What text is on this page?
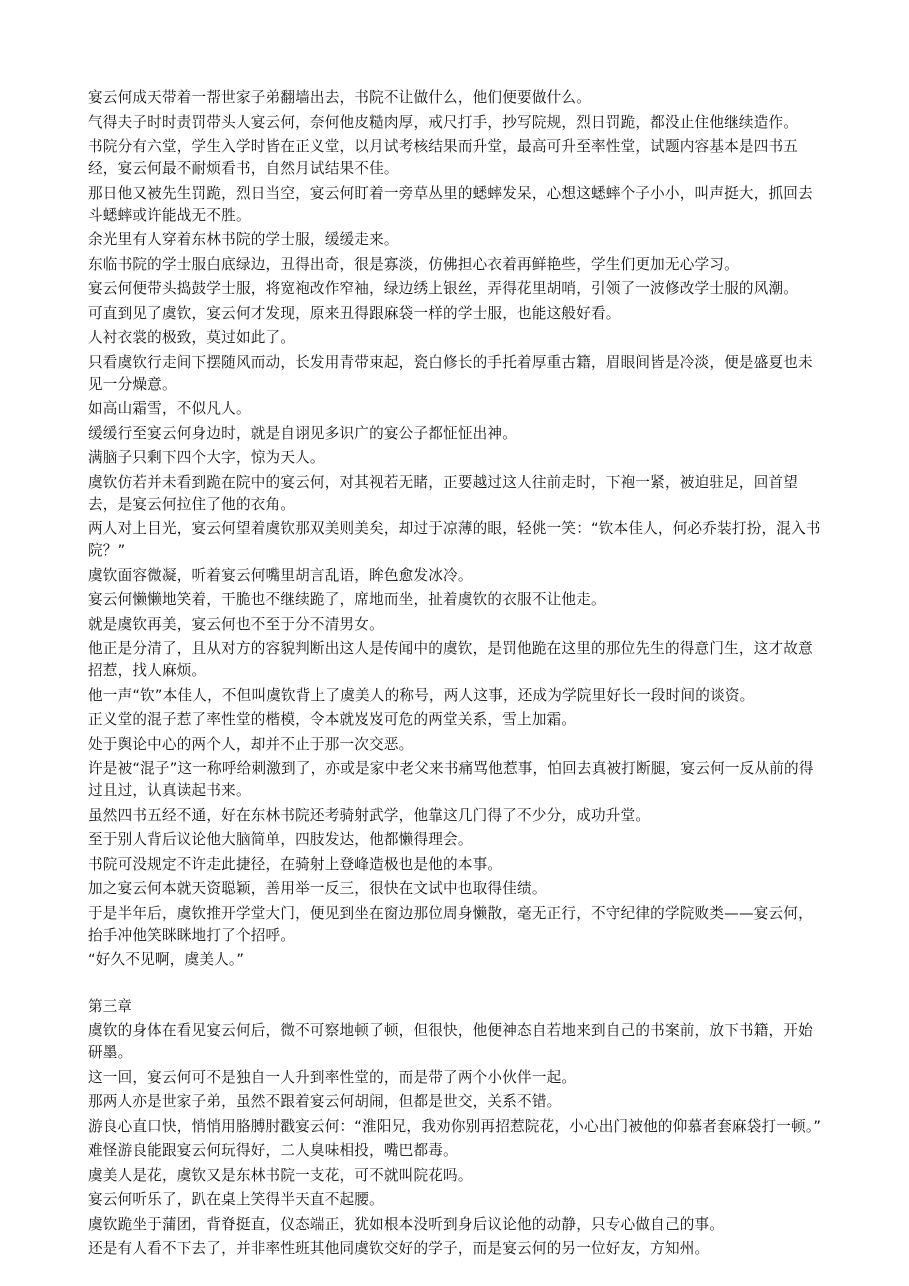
宴云何成天带着一帮世家子弟翻墙出去，书院不让做什么，他们便要做什么。

气得夫子时时责罚带头人宴云何，奈何他皮糙肉厚，戒尺打手，抄写院规，烈日罚跪，都没止住他继续造作。

书院分有六堂，学生入学时皆在正义堂，以月试考核结果而升堂，最高可升至率性堂，试题内容基本是四书五经，宴云何最不耐烦看书，自然月试结果不佳。

那日他又被先生罚跪，烈日当空，宴云何盯着一旁草丛里的蟋蟀发呆，心想这蟋蟀个子小小，叫声挺大，抓回去斗蟋蟀或许能战无不胜。

余光里有人穿着东林书院的学士服，缓缓走来。

东临书院的学士服白底绿边，丑得出奇，很是寡淡，仿佛担心衣着再鲜艳些，学生们更加无心学习。

宴云何便带头捣鼓学士服，将宽袍改作窄袖，绿边绣上银丝，弄得花里胡哨，引领了一波修改学士服的风潮。

可直到见了虞钦，宴云何才发现，原来丑得跟麻袋一样的学士服，也能这般好看。

人衬衣裳的极致，莫过如此了。

只看虞钦行走间下摆随风而动，长发用青带束起，瓷白修长的手托着厚重古籍，眉眼间皆是冷淡，便是盛夏也未见一分燥意。

如高山霜雪，不似凡人。

缓缓行至宴云何身边时，就是自诩见多识广的宴公子都怔怔出神。

满脑子只剩下四个大字，惊为天人。

虞钦仿若并未看到跪在院中的宴云何，对其视若无睹，正要越过这人往前走时，下袍一紧，被迫驻足，回首望去，是宴云何拉住了他的衣角。

两人对上目光，宴云何望着虞钦那双美则美矣，却过于凉薄的眼，轻佻一笑：“钦本佳人，何必乔装打扮，混入书院？”

虞钦面容微凝，听着宴云何嘴里胡言乱语，眸色愈发冰冷。

宴云何懒懒地笑着，干脆也不继续跪了，席地而坐，扯着虞钦的衣服不让他走。

就是虞钦再美，宴云何也不至于分不清男女。

他正是分清了，且从对方的容貌判断出这人是传闻中的虞钦，是罚他跪在这里的那位先生的得意门生，这才故意招惹，找人麻烦。

他一声“钦”本佳人，不但叫虞钦背上了虞美人的称号，两人这事，还成为学院里好长一段时间的谈资。

正义堂的混子惹了率性堂的楷模，令本就岌岌可危的两堂关系，雪上加霜。

处于舆论中心的两个人，却并不止于那一次交恶。

许是被“混子”这一称呼给刺激到了，亦或是家中老父来书痛骂他惹事，怕回去真被打断腿，宴云何一反从前的得过且过，认真读起书来。

虽然四书五经不通，好在东林书院还考骑射武学，他靠这几门得了不少分，成功升堂。

至于别人背后议论他大脑简单，四肢发达，他都懒得理会。

书院可没规定不许走此捷径，在骑射上登峰造极也是他的本事。

加之宴云何本就天资聪颖，善用举一反三，很快在文试中也取得佳绩。

于是半年后，虞钦推开学堂大门，便见到坐在窗边那位周身懒散，毫无正行，不守纪律的学院败类——宴云何，抬手冲他笑眯眯地打了个招呼。

“好久不见啊，虞美人。”

第三章

虞钦的身体在看见宴云何后，微不可察地顿了顿，但很快，他便神态自若地来到自己的书案前，放下书籍，开始研墨。

这一回，宴云何可不是独自一人升到率性堂的，而是带了两个小伙伴一起。

那两人亦是世家子弟，虽然不跟着宴云何胡闹，但都是世交，关系不错。

游良心直口快，悄悄用胳膊肘戳宴云何：“淮阳兄，我劝你别再招惹院花，小心出门被他的仰慕者套麻袋打一顿。”

难怪游良能跟宴云何玩得好，二人臭味相投，嘴巴都毒。

虞美人是花，虞钦又是东林书院一支花，可不就叫院花吗。

宴云何听乐了，趴在桌上笑得半天直不起腰。

虞钦跪坐于蒲团，背脊挺直，仪态端正，犹如根本没听到身后议论他的动静，只专心做自己的事。

还是有人看不下去了，并非率性班其他同虞钦交好的学子，而是宴云何的另一位好友，方知州。
